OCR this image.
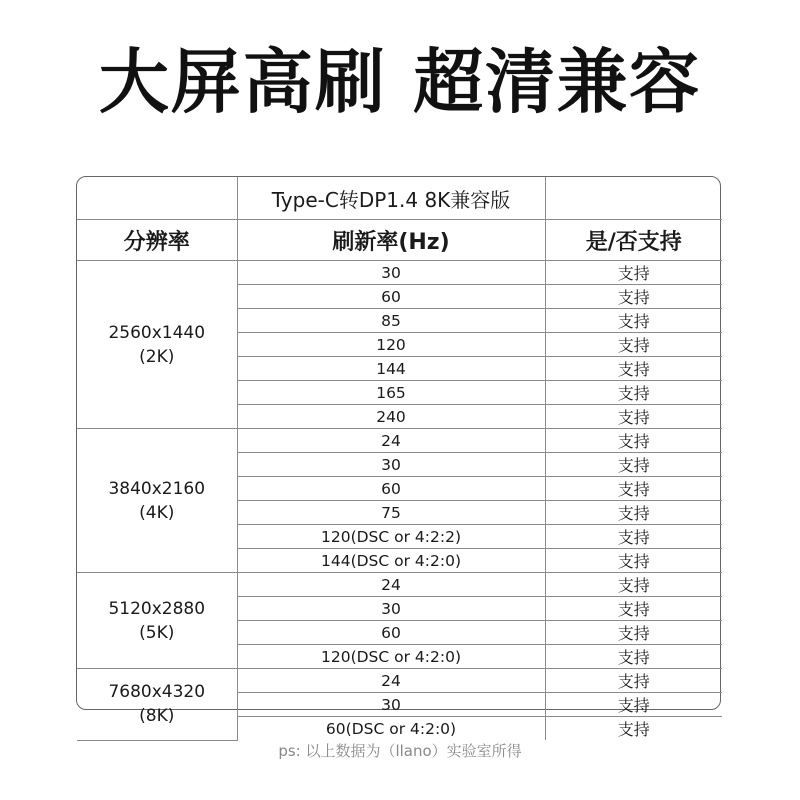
大屏高刷 超清兼容
	Type-C转DP1.4 8K兼容版	
分辨率	刷新率(Hz)	是/否支持

2560x1440
(2K)	30	支持
	60	支持
	85	支持
	120	支持
	144	支持
	165	支持
	240	支持

3840x2160
(4K)	24	支持
	30	支持
	60	支持
	75	支持
	120(DSC or 4:2:2)	支持
	144(DSC or 4:2:0)	支持

5120x2880
(5K)	24	支持
	30	支持
	60	支持
	120(DSC or 4:2:0)	支持

7680x4320
(8K)	24	支持
	30	支持
	60(DSC or 4:2:0)	支持
ps: 以上数据为（llano）实验室所得
